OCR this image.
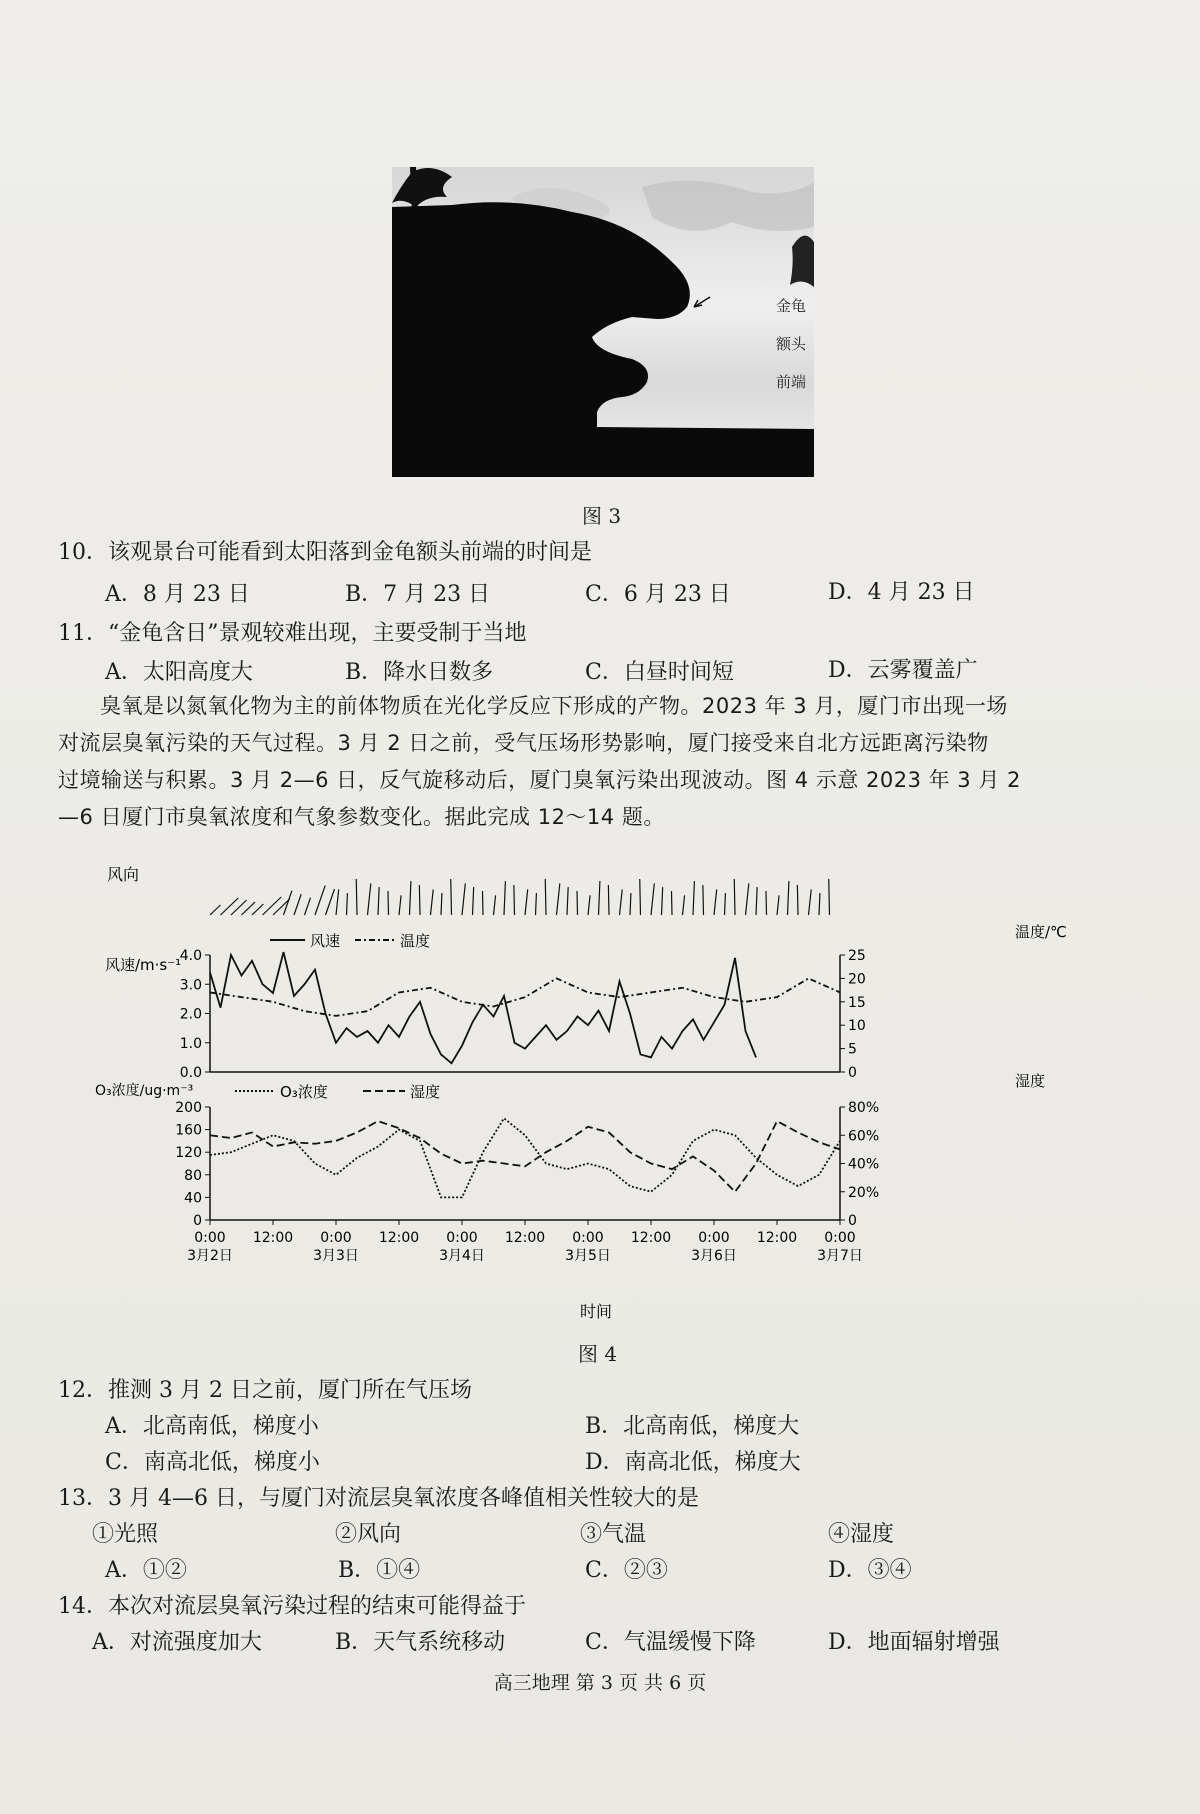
金龟
额头
前端
图 3
10．该观景台可能看到太阳落到金龟额头前端的时间是
A．8 月 23 日	B．7 月 23 日	C．6 月 23 日	D．4 月 23 日
11．“金龟含日”景观较难出现，主要受制于当地
A．太阳高度大	B．降水日数多	C．白昼时间短	D．云雾覆盖广
臭氧是以氮氧化物为主的前体物质在光化学反应下形成的产物。2023 年 3 月，厦门市出现一场
对流层臭氧污染的天气过程。3 月 2 日之前，受气压场形势影响，厦门接受来自北方远距离污染物
过境输送与积累。3 月 2—6 日，反气旋移动后，厦门臭氧污染出现波动。图 4 示意 2023 年 3 月 2
—6 日厦门市臭氧浓度和气象参数变化。据此完成 12～14 题。
风向
风速/m·s⁻¹
温度/℃
O₃浓度/ug·m⁻³
湿度
风速	温度
O₃浓度	湿度
4.0
3.0
2.0
1.0
0.0
25
20
15
10
5
0
200
160
120
80
40
0
80%
60%
40%
20%
0
0:00 12:00 0:00 12:00 0:00 12:00 0:00 12:00 0:00 12:00 0:00
3月2日	3月3日	3月4日	3月5日	3月6日	3月7日
时间
图 4
12．推测 3 月 2 日之前，厦门所在气压场
A．北高南低，梯度小	B．北高南低，梯度大
C．南高北低，梯度小	D．南高北低，梯度大
13．3 月 4—6 日，与厦门对流层臭氧浓度各峰值相关性较大的是
①光照	②风向	③气温	④湿度
A．①②	B．①④	C．②③	D．③④
14．本次对流层臭氧污染过程的结束可能得益于
A．对流强度加大	B．天气系统移动	C．气温缓慢下降	D．地面辐射增强
高三地理 第 3 页 共 6 页
